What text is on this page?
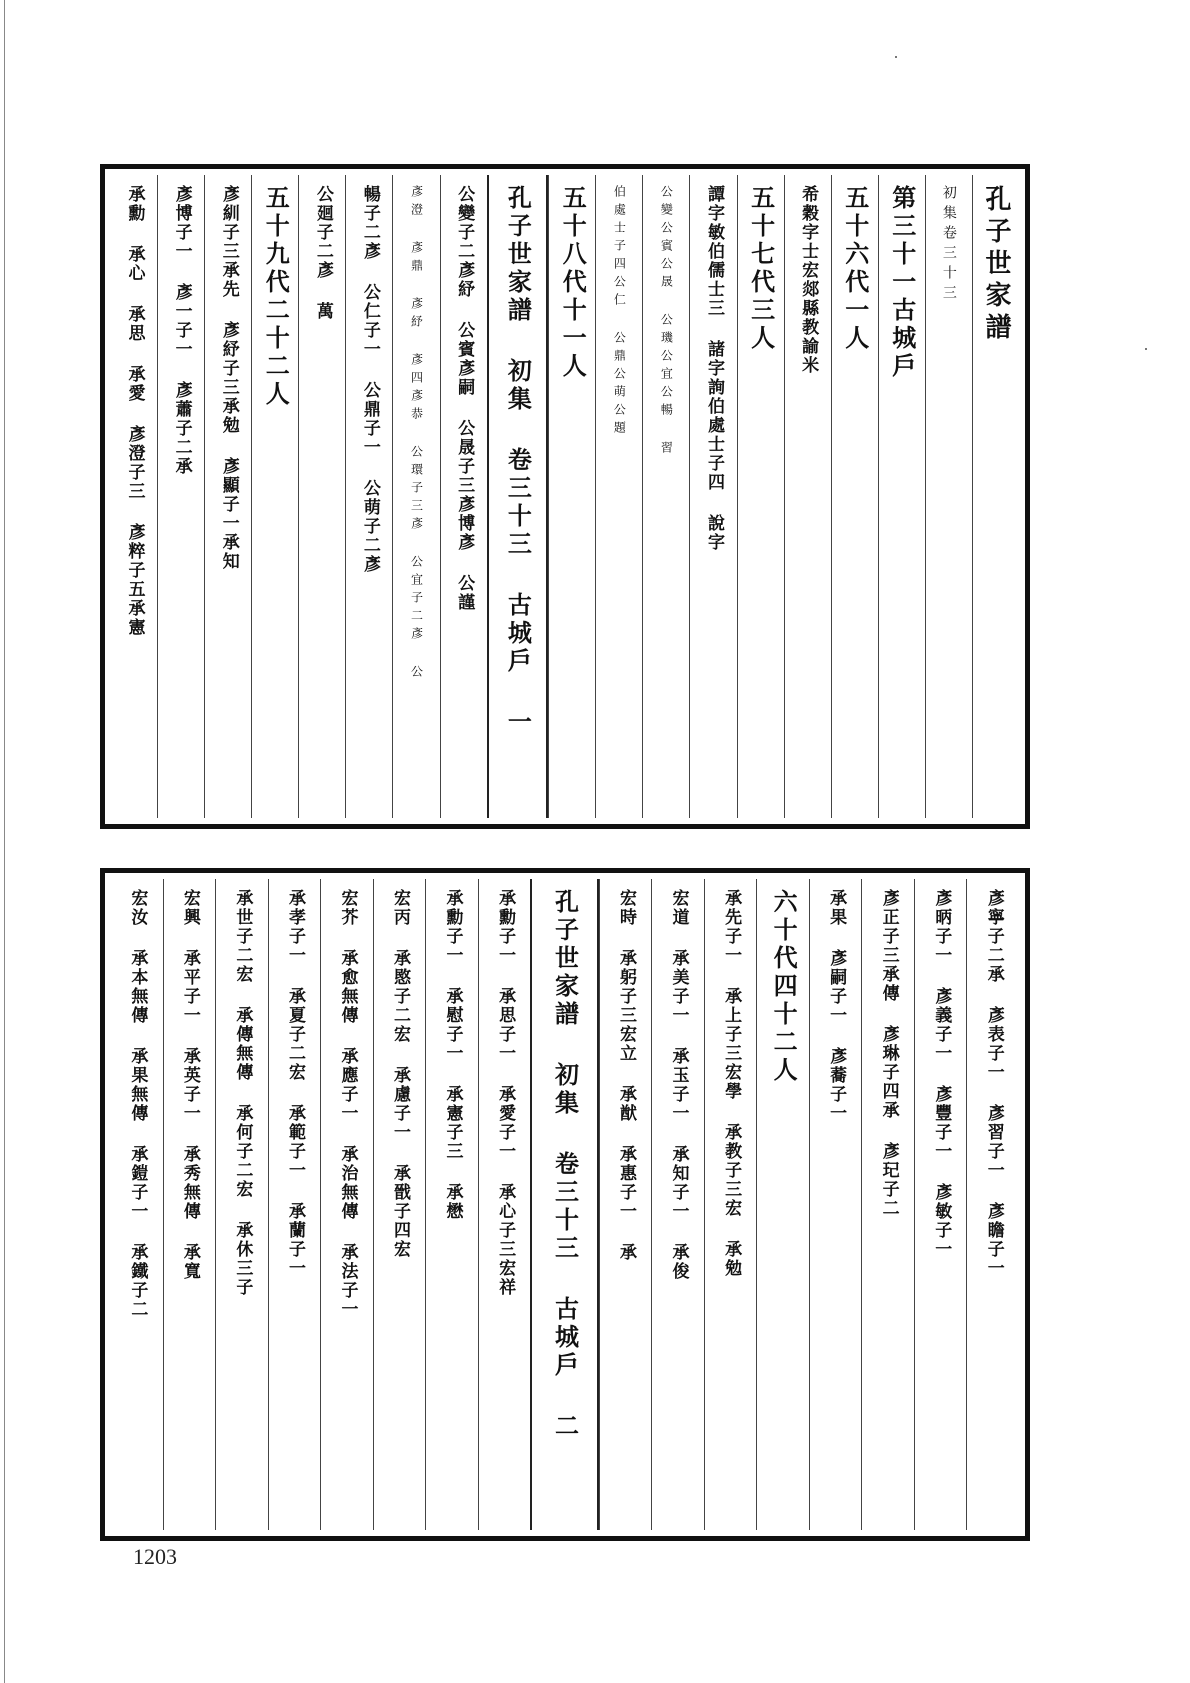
孔子世家譜
初集卷三十三
第三十一古城戶
五十六代一人
希穀字士宏郯縣教諭米
五十七代三人
譚字敏伯儒士三 諸字詢伯處士子四 說字
公變公賓公晟 公璣公宜公暢 習
伯處士子四公仁 公鼎公萌公題
五十八代十一人
孔子世家譜 初集 卷三十三 古城戶 一
公變子二彥紓 公賓彥嗣 公晟子三彥博彥 公謹
彥澄 彥鼎 彥紓 彥四彥恭 公環子三彥 公宜子二彥 公
暢子二彥 公仁子一 公鼎子一 公萌子二彥
公廻子二彥 萬
五十九代二十二人
彥紃子三承先 彥紓子三承勉 彥顯子一承知
彥博子一 彥一子一 彥蕭子二承
承勳 承心 承思 承愛 彥澄子三 彥粹子五承憲
彥寧子二承 彥表子一 彥習子一 彥瞻子一
彥昞子一 彥義子一 彥豐子一 彥敏子一
彥正子三承傳 彥琳子四承 彥玘子二
承果 彥嗣子一 彥蕎子一
六十代四十二人
承先子一 承上子三宏學 承教子三宏 承勉
宏道 承美子一 承玉子一 承知子一 承俊
宏時 承躬子三宏立 承猷 承惠子一 承
孔子世家譜 初集 卷三十三 古城戶 二
承勳子一 承思子一 承愛子一 承心子三宏祥
承勳子一 承慰子一 承憲子三 承懋
宏丙 承愍子二宏 承慮子一 承戩子四宏
宏芥 承愈無傳 承應子一 承治無傳 承法子一
承孝子一 承夏子二宏 承範子一 承蘭子一
承世子二宏 承傳無傳 承何子二宏 承休三子
宏興 承平子一 承英子一 承秀無傳 承寬
宏汝 承本無傳 承果無傳 承鎧子一 承鐵子二
1203
